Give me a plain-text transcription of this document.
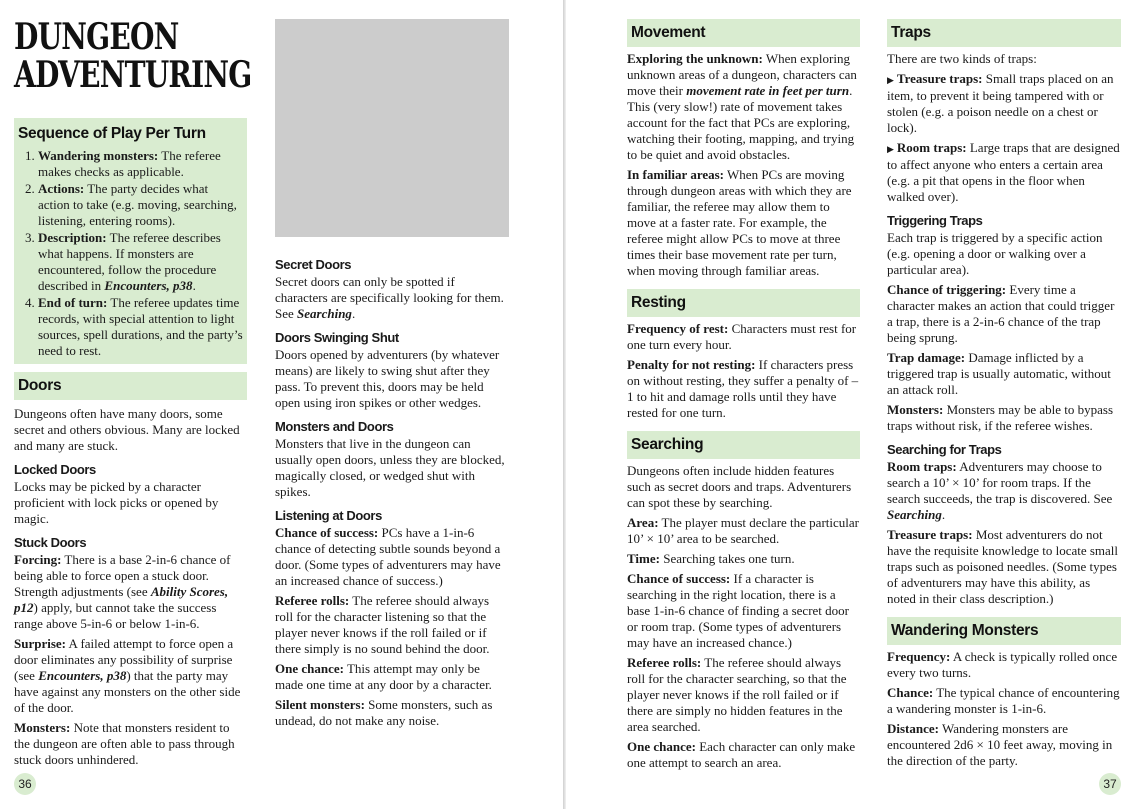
DUNGEON
ADVENTURING
Sequence of Play Per Turn
1. Wandering monsters: The referee makes checks as applicable.
2. Actions: The party decides what action to take (e.g. moving, searching, listening, entering rooms).
3. Description: The referee describes what happens. If monsters are encountered, follow the procedure described in Encounters, p38.
4. End of turn: The referee updates time records, with special attention to light sources, spell durations, and the party’s need to rest.
Doors

Dungeons often have many doors, some secret and others obvious. Many are locked and many are stuck.

Locked Doors

Locks may be picked by a character proficient with lock picks or opened by magic.

Stuck Doors

Forcing: There is a base 2-in-6 chance of being able to force open a stuck door. Strength adjustments (see Ability Scores, p12) apply, but cannot take the success range above 5-in-6 or below 1-in-6.

Surprise: A failed attempt to force open a door eliminates any possibility of surprise (see Encounters, p38) that the party may have against any monsters on the other side of the door.

Monsters: Note that monsters resident to the dungeon are often able to pass through stuck doors unhindered.

Secret Doors

Secret doors can only be spotted if characters are specifically looking for them. See Searching.

Doors Swinging Shut

Doors opened by adventurers (by whatever means) are likely to swing shut after they pass. To prevent this, doors may be held open using iron spikes or other wedges.

Monsters and Doors

Monsters that live in the dungeon can usually open doors, unless they are blocked, magically closed, or wedged shut with spikes.

Listening at Doors

Chance of success: PCs have a 1-in-6 chance of detecting subtle sounds beyond a door. (Some types of adventurers may have an increased chance of success.)

Referee rolls: The referee should always roll for the character listening so that the player never knows if the roll failed or if there simply is no sound behind the door.

One chance: This attempt may only be made one time at any door by a character.

Silent monsters: Some monsters, such as undead, do not make any noise.

36
Movement

Exploring the unknown: When exploring unknown areas of a dungeon, characters can move their movement rate in feet per turn. This (very slow!) rate of movement takes account for the fact that PCs are exploring, watching their footing, mapping, and trying to be quiet and avoid obstacles.

In familiar areas: When PCs are moving through dungeon areas with which they are familiar, the referee may allow them to move at a faster rate. For example, the referee might allow PCs to move at three times their base movement rate per turn, when moving through familiar areas.

Resting

Frequency of rest: Characters must rest for one turn every hour.

Penalty for not resting: If characters press on without resting, they suffer a penalty of –1 to hit and damage rolls until they have rested for one turn.

Searching

Dungeons often include hidden features such as secret doors and traps. Adventurers can spot these by searching.

Area: The player must declare the particular 10’ × 10’ area to be searched.

Time: Searching takes one turn.

Chance of success: If a character is searching in the right location, there is a base 1-in-6 chance of finding a secret door or room trap. (Some types of adventurers may have an increased chance.)

Referee rolls: The referee should always roll for the character searching, so that the player never knows if the roll failed or if there are simply no hidden features in the area searched.

One chance: Each character can only make one attempt to search an area.

Traps

There are two kinds of traps:

▶ Treasure traps: Small traps placed on an item, to prevent it being tampered with or stolen (e.g. a poison needle on a chest or lock).
▶ Room traps: Large traps that are designed to affect anyone who enters a certain area (e.g. a pit that opens in the floor when walked over).
Triggering Traps

Each trap is triggered by a specific action (e.g. opening a door or walking over a particular area).

Chance of triggering: Every time a character makes an action that could trigger a trap, there is a 2-in-6 chance of the trap being sprung.

Trap damage: Damage inflicted by a triggered trap is usually automatic, without an attack roll.

Monsters: Monsters may be able to bypass traps without risk, if the referee wishes.

Searching for Traps

Room traps: Adventurers may choose to search a 10’ × 10’ for room traps. If the search succeeds, the trap is discovered. See Searching.

Treasure traps: Most adventurers do not have the requisite knowledge to locate small traps such as poisoned needles. (Some types of adventurers may have this ability, as noted in their class description.)

Wandering Monsters

Frequency: A check is typically rolled once every two turns.

Chance: The typical chance of encountering a wandering monster is 1-in-6.

Distance: Wandering monsters are encountered 2d6 × 10 feet away, moving in the direction of the party.

37
